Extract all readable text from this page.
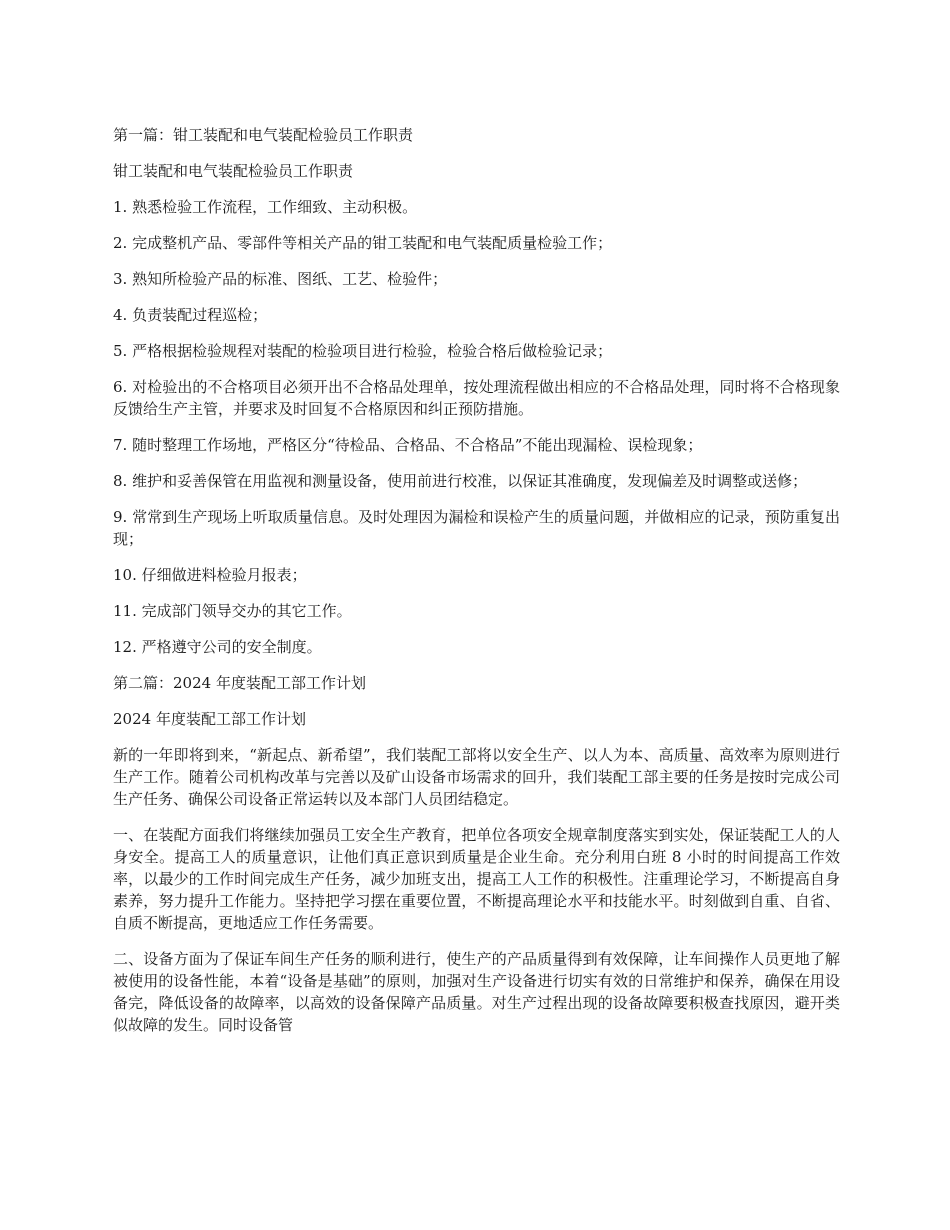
第一篇：钳工装配和电气装配检验员工作职责

钳工装配和电气装配检验员工作职责

1. 熟悉检验工作流程，工作细致、主动积极。

2. 完成整机产品、零部件等相关产品的钳工装配和电气装配质量检验工作；

3. 熟知所检验产品的标准、图纸、工艺、检验件；

4. 负责装配过程巡检；

5. 严格根据检验规程对装配的检验项目进行检验，检验合格后做检验记录；

6. 对检验出的不合格项目必须开出不合格品处理单，按处理流程做出相应的不合格品处理，同时将不合格现象反馈给生产主管，并要求及时回复不合格原因和纠正预防措施。

7. 随时整理工作场地，严格区分“待检品、合格品、不合格品”不能出现漏检、误检现象；

8. 维护和妥善保管在用监视和测量设备，使用前进行校准，以保证其准确度，发现偏差及时调整或送修；

9. 常常到生产现场上听取质量信息。及时处理因为漏检和误检产生的质量问题，并做相应的记录，预防重复出现；

10. 仔细做进料检验月报表；

11. 完成部门领导交办的其它工作。

12. 严格遵守公司的安全制度。

第二篇：2024 年度装配工部工作计划

2024 年度装配工部工作计划

新的一年即将到来，“新起点、新希望”，我们装配工部将以安全生产、以人为本、高质量、高效率为原则进行生产工作。随着公司机构改革与完善以及矿山设备市场需求的回升，我们装配工部主要的任务是按时完成公司生产任务、确保公司设备正常运转以及本部门人员团结稳定。

一、在装配方面我们将继续加强员工安全生产教育，把单位各项安全规章制度落实到实处，保证装配工人的人身安全。提高工人的质量意识，让他们真正意识到质量是企业生命。充分利用白班 8 小时的时间提高工作效率，以最少的工作时间完成生产任务，减少加班支出，提高工人工作的积极性。注重理论学习，不断提高自身素养，努力提升工作能力。坚持把学习摆在重要位置，不断提高理论水平和技能水平。时刻做到自重、自省、自质不断提高，更地适应工作任务需要。

二、设备方面为了保证车间生产任务的顺利进行，使生产的产品质量得到有效保障，让车间操作人员更地了解被使用的设备性能，本着“设备是基础”的原则，加强对生产设备进行切实有效的日常维护和保养，确保在用设备完，降低设备的故障率，以高效的设备保障产品质量。对生产过程出现的设备故障要积极查找原因，避开类似故障的发生。同时设备管
